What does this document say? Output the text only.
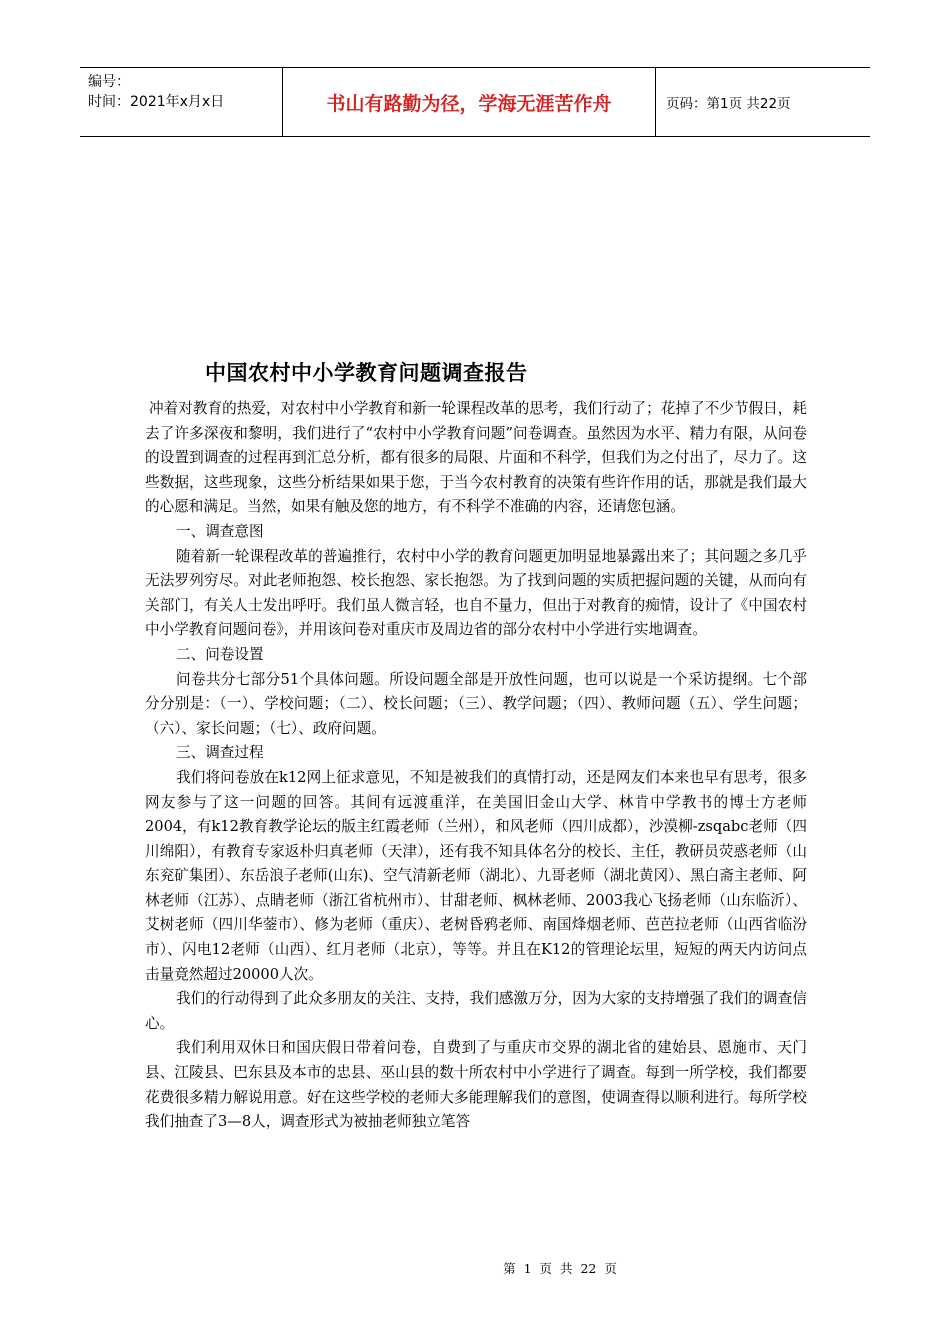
编号：
时间：2021年x月x日	书山有路勤为径，学海无涯苦作舟	页码：第1页 共22页
中国农村中小学教育问题调查报告

冲着对教育的热爱，对农村中小学教育和新一轮课程改革的思考，我们行动了；花掉了不少节假日，耗去了许多深夜和黎明，我们进行了“农村中小学教育问题”问卷调查。虽然因为水平、精力有限，从问卷的设置到调查的过程再到汇总分析，都有很多的局限、片面和不科学，但我们为之付出了，尽力了。这些数据，这些现象，这些分析结果如果于您，于当今农村教育的决策有些许作用的话，那就是我们最大的心愿和满足。当然，如果有触及您的地方，有不科学不准确的内容，还请您包涵。

一、调查意图

随着新一轮课程改革的普遍推行，农村中小学的教育问题更加明显地暴露出来了；其问题之多几乎无法罗列穷尽。对此老师抱怨、校长抱怨、家长抱怨。为了找到问题的实质把握问题的关键，从而向有关部门，有关人士发出呼吁。我们虽人微言轻，也自不量力，但出于对教育的痴情，设计了《中国农村中小学教育问题问卷》，并用该问卷对重庆市及周边省的部分农村中小学进行实地调查。

二、问卷设置

问卷共分七部分51个具体问题。所设问题全部是开放性问题，也可以说是一个采访提纲。七个部分分别是：（一）、学校问题；（二）、校长问题；（三）、教学问题；（四）、教师问题（五）、学生问题；（六）、家长问题；（七）、政府问题。

三、调查过程

我们将问卷放在k12网上征求意见，不知是被我们的真情打动，还是网友们本来也早有思考，很多网友参与了这一问题的回答。其间有远渡重洋，在美国旧金山大学、林肯中学教书的博士方老师2004，有k12教育教学论坛的版主红霞老师（兰州），和风老师（四川成都），沙漠柳-zsqabc老师（四川绵阳），有教育专家返朴归真老师（天津），还有我不知具体名分的校长、主任，教研员荧惑老师（山东兖矿集团）、东岳浪子老师(山东)、空气清新老师（湖北）、九哥老师（湖北黄冈）、黑白斋主老师、阿林老师（江苏）、点睛老师（浙江省杭州市）、甘甜老师、枫林老师、2003我心飞扬老师（山东临沂）、艾树老师（四川华蓥市）、修为老师（重庆）、老树昏鸦老师、南国烽烟老师、芭芭拉老师（山西省临汾市）、闪电12老师（山西）、红月老师（北京），等等。并且在K12的管理论坛里，短短的两天内访问点击量竟然超过20000人次。

我们的行动得到了此众多朋友的关注、支持，我们感激万分，因为大家的支持增强了我们的调查信心。

我们利用双休日和国庆假日带着问卷，自费到了与重庆市交界的湖北省的建始县、恩施市、天门县、江陵县、巴东县及本市的忠县、巫山县的数十所农村中小学进行了调查。每到一所学校，我们都要花费很多精力解说用意。好在这些学校的老师大多能理解我们的意图，使调查得以顺利进行。每所学校我们抽查了3—8人，调查形式为被抽老师独立笔答

第 1 页 共 22 页
